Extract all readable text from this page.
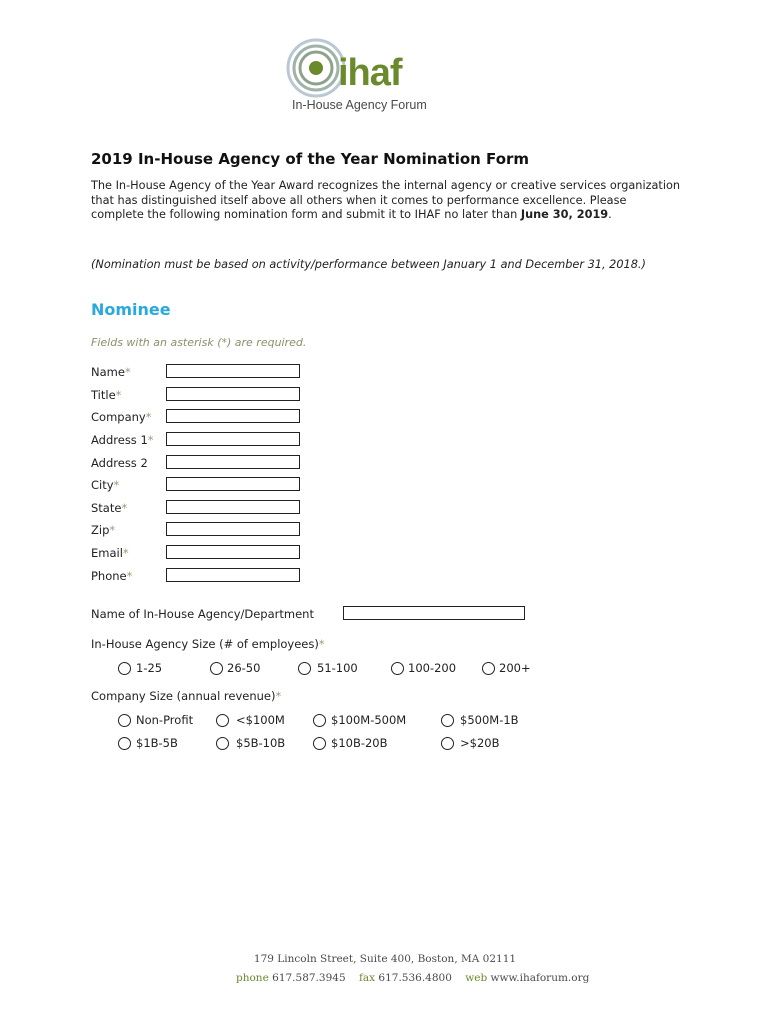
ihaf
In-House Agency Forum
2019 In-House Agency of the Year Nomination Form
The In-House Agency of the Year Award recognizes the internal agency or creative services organization that has distinguished itself above all others when it comes to performance excellence. Please complete the following nomination form and submit it to IHAF no later than June 30, 2019.
(Nomination must be based on activity/performance between January 1 and December 31, 2018.)
Nominee
Fields with an asterisk (*) are required.
Name*
Title*
Company*
Address 1*
Address 2
City*
State*
Zip*
Email*
Phone*
Name of In-House Agency/Department
In-House Agency Size (# of employees)*
1-25	26-50	51-100	100-200	200+
Company Size (annual revenue)*
Non-Profit	<$100M	$100M-500M	$500M-1B
$1B-5B	$5B-10B	$10B-20B	>$20B
179 Lincoln Street, Suite 400, Boston, MA 02111
phone 617.587.3945 fax 617.536.4800 web www.ihaforum.org
